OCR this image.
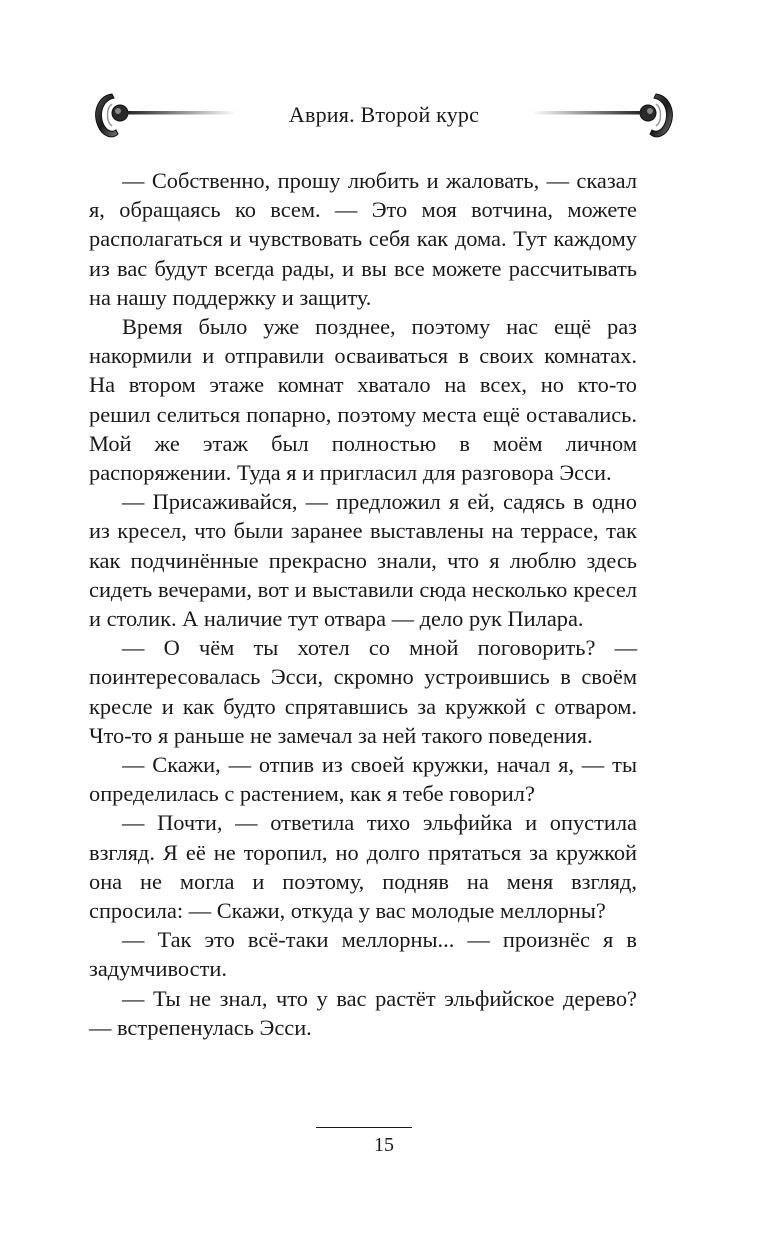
Аврия. Второй курс

— Собственно, прошу любить и жаловать, — сказал я, обращаясь ко всем. — Это моя вотчина, можете располагаться и чувствовать себя как дома. Тут каждому из вас будут всегда рады, и вы все можете рассчитывать на нашу поддержку и защиту.

Время было уже позднее, поэтому нас ещё раз накормили и отправили осваиваться в своих комнатах. На втором этаже комнат хватало на всех, но кто-то решил селиться попарно, поэтому места ещё оставались. Мой же этаж был полностью в моём личном распоряжении. Туда я и пригласил для разговора Эсси.

— Присаживайся, — предложил я ей, садясь в одно из кресел, что были заранее выставлены на террасе, так как подчинённые прекрасно знали, что я люблю здесь сидеть вечерами, вот и выставили сюда несколько кресел и столик. А наличие тут отвара — дело рук Пилара.

— О чём ты хотел со мной поговорить? — поинтересовалась Эсси, скромно устроившись в своём кресле и как будто спрятавшись за кружкой с отваром. Что-то я раньше не замечал за ней такого поведения.

— Скажи, — отпив из своей кружки, начал я, — ты определилась с растением, как я тебе говорил?

— Почти, — ответила тихо эльфийка и опустила взгляд. Я её не торопил, но долго прятаться за кружкой она не могла и поэтому, подняв на меня взгляд, спросила: — Скажи, откуда у вас молодые меллорны?

— Так это всё-таки меллорны... — произнёс я в задумчивости.

— Ты не знал, что у вас растёт эльфийское дерево? — встрепенулась Эсси.

15
